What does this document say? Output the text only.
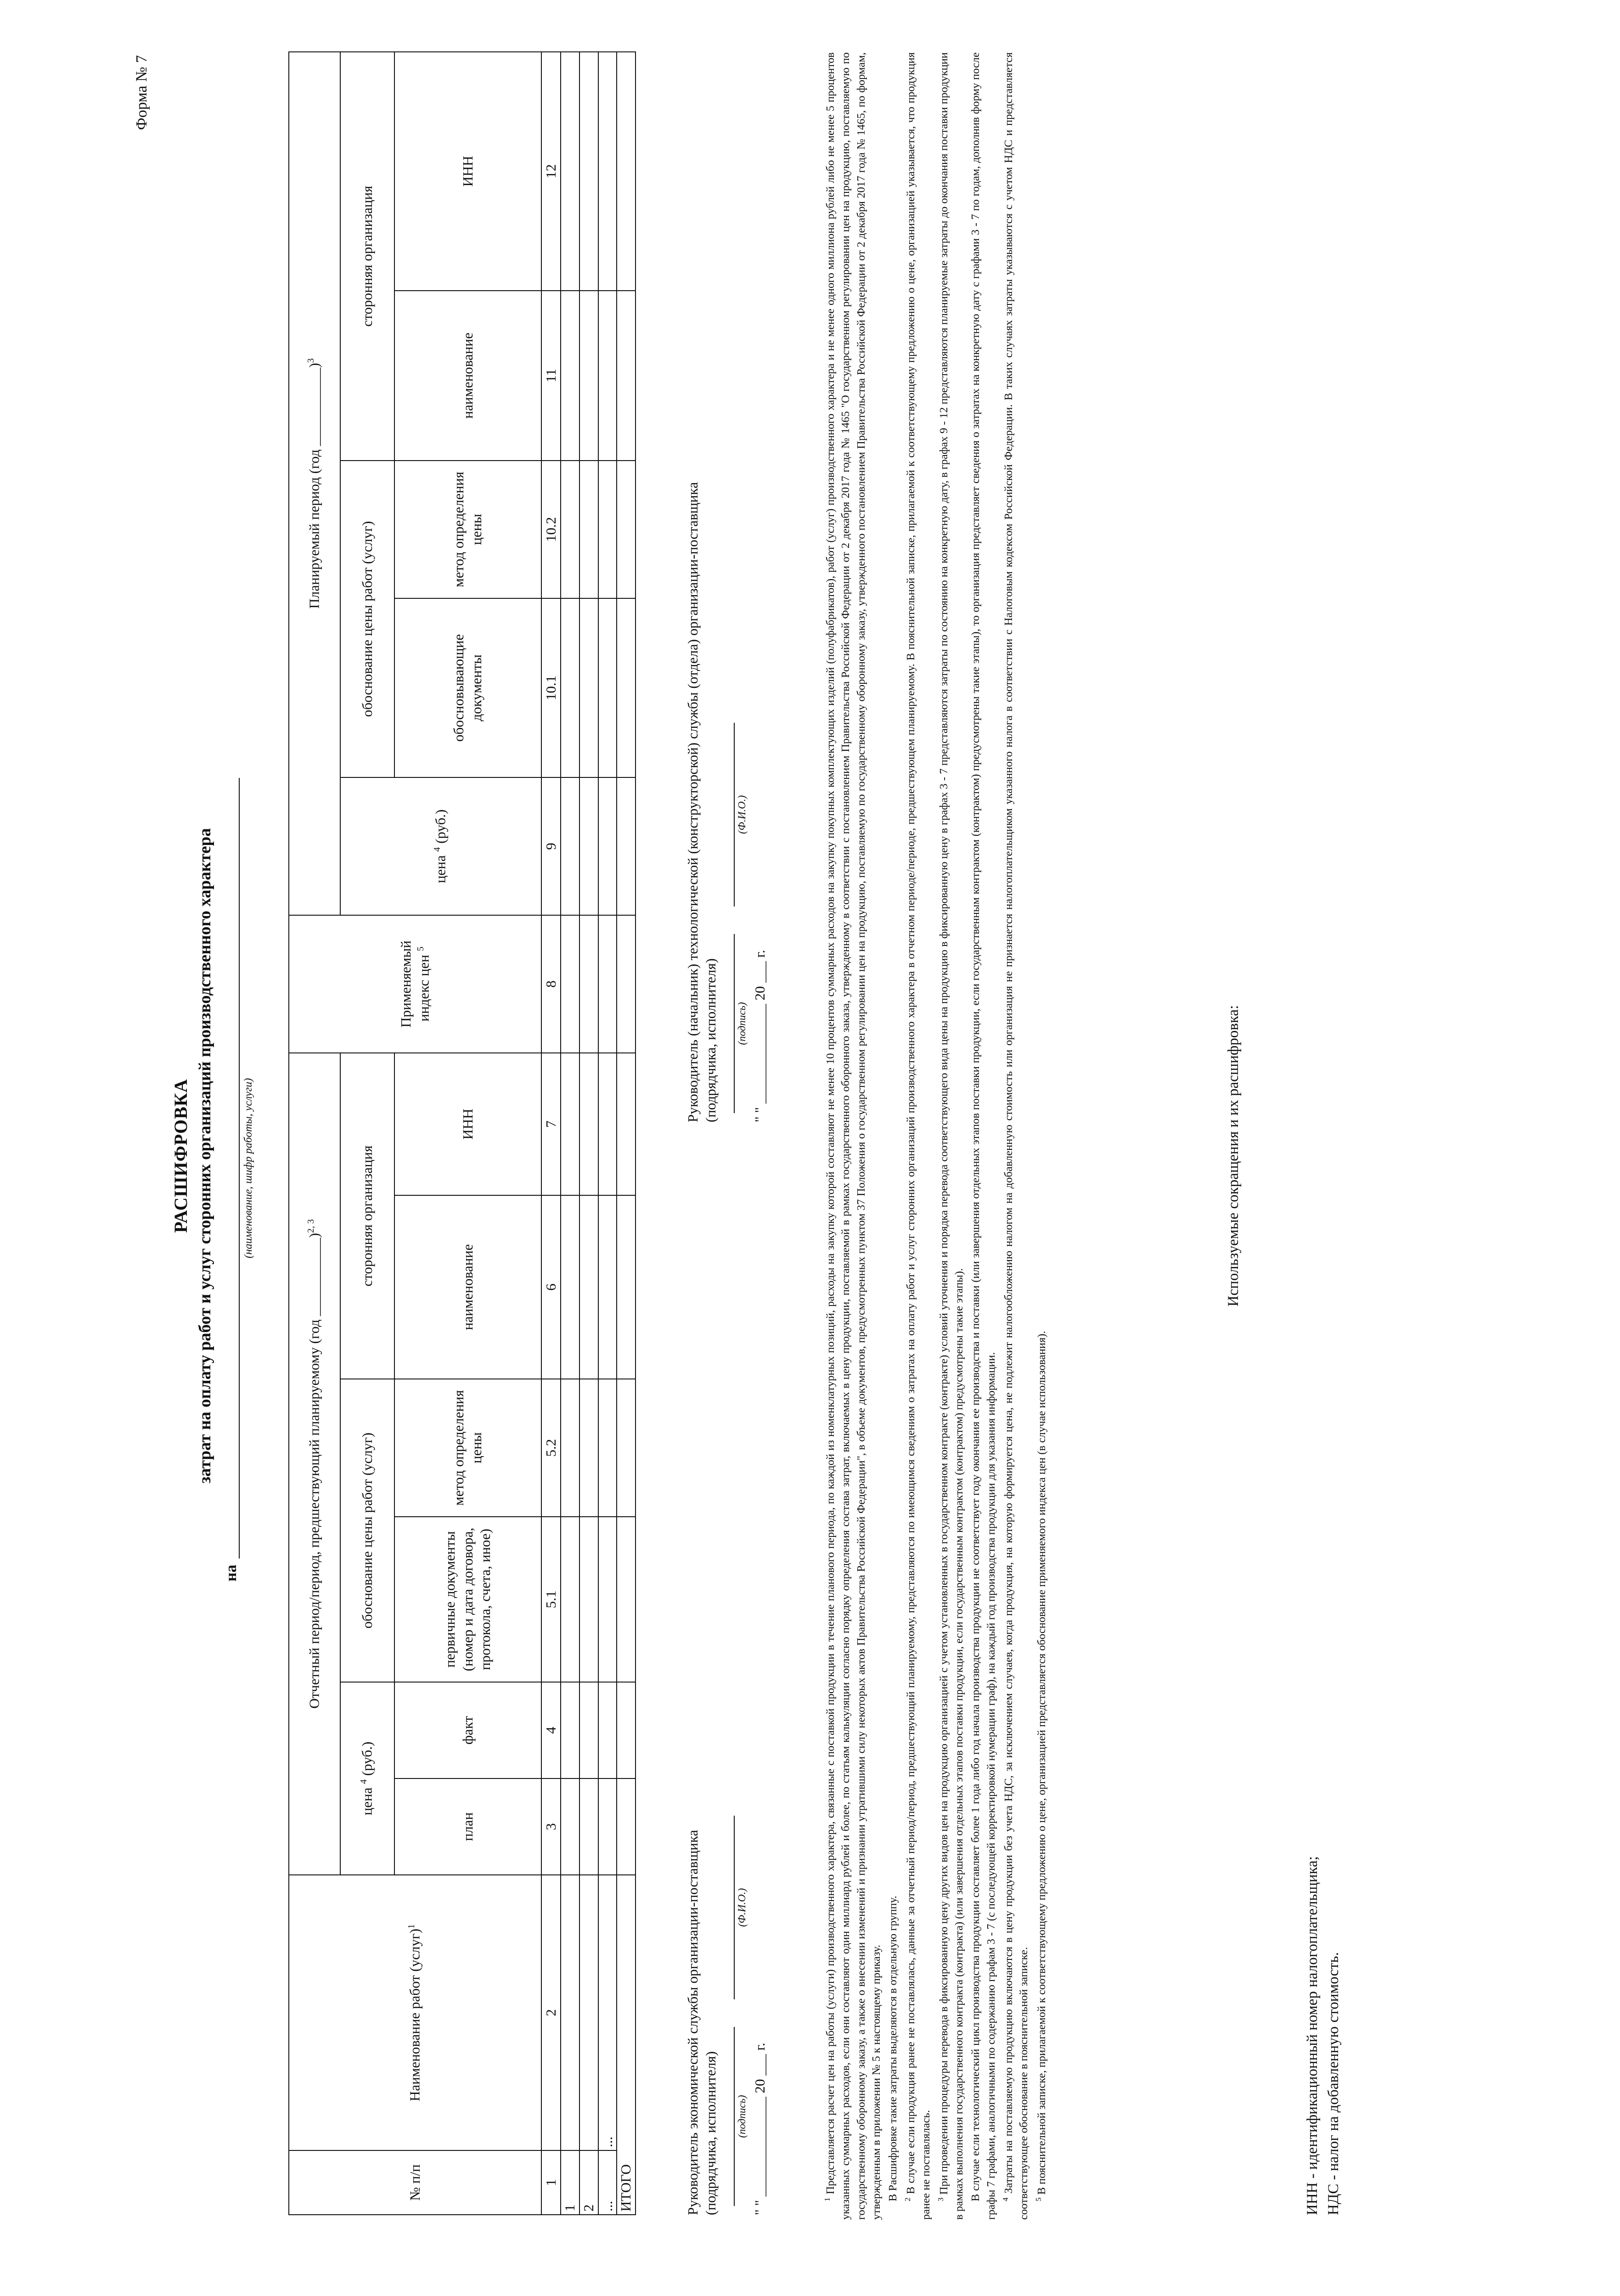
Форма № 7
РАСШИФРОВКА затрат на оплату работ и услуг сторонних организаций производственного характера
на
(наименование, шифр работы, услуги)
№ п/п	Наименование работ (услуг)$^1$	Отчетный период/период, предшествующий планируемому (год ___________)$^{2, 3}$						Применяемый индекс цен $^5$	Планируемый период (год ___________)$^3$
		цена $^4$ (руб.)		обоснование цены работ (услуг)		сторонняя организация			цена $^4$ (руб.)	обоснование цены работ (услуг)		сторонняя организация	
		план	факт	первичные документы (номер и дата договора, протокола, счета, иное)	метод определения цены	наименование	ИНН			обосновывающие документы	метод определения цены	наименование	ИНН
1	2	3	4	5.1	5.2	6	7	8	9	10.1	10.2	11	12
1													
2													
...	...												
ИТОГО														Руководитель экономической службы организации-поставщика (подрядчика, исполнителя) (подпись)
(Ф.И.О.)
" " ______________ 20 ___ г.
Руководитель (начальник) технологической (конструкторской) службы (отдела) организации-поставщика (подрядчика, исполнителя) (подпись)
(Ф.И.О.)
" " ______________ 20 ___ г.

$^1$ Представляется расчет цен на работы (услуги) производственного характера, связанные с поставкой продукции в течение планового периода, по каждой из номенклатурных позиций, расходы на закупку которой составляют не менее 10 процентов суммарных расходов на закупку покупных комплектующих изделий (полуфабрикатов), работ (услуг) производственного характера и не менее одного миллиона рублей либо не менее 5 процентов указанных суммарных расходов, если они составляют один миллиард рублей и более, по статьям калькуляции согласно порядку определения состава затрат, включаемых в цену продукции, поставляемой в рамках государственного оборонного заказа, утвержденному в соответствии с постановлением Правительства Российской Федерации от 2 декабря 2017 года № 1465 "О государственном регулировании цен на продукцию, поставляемую по государственному оборонному заказу, а также о внесении изменений и признании утратившими силу некоторых актов Правительства Российской Федерации", в объеме документов, предусмотренных пунктом 37 Положения о государственном регулировании цен на продукцию, поставляемую по государственному оборонному заказу, утвержденного постановлением Правительства Российской Федерации от 2 декабря 2017 года № 1465, по формам, утвержденным в приложении № 5 к настоящему приказу. В Расшифровке такие затраты выделяются в отдельную группу. $^2$ В случае если продукция ранее не поставлялась, данные за отчетный период/период, предшествующий планируемому, представляются по имеющимся сведениям о затратах на оплату работ и услуг сторонних организаций производственного характера в отчетном периоде/периоде, предшествующем планируемому. В пояснительной записке, прилагаемой к соответствующему предложению о цене, организацией указывается, что продукция ранее не поставлялась. $^3$ При проведении процедуры перевода в фиксированную цену других видов цен на продукцию организацией с учетом установленных в государственном контракте (контракте) условий уточнения и порядка перевода соответствующего вида цены на продукцию в фиксированную цену в графах 3 - 7 представляются затраты по состоянию на конкретную дату, в графах 9 - 12 представляются планируемые затраты до окончания поставки продукции в рамках выполнения государственного контракта (контракта) (или завершения отдельных этапов поставки продукции, если государственным контрактом (контрактом) предусмотрены такие этапы). В случае если технологический цикл производства продукции составляет более 1 года либо год начала производства продукции не соответствует году окончания ее производства и поставки (или завершения отдельных этапов поставки продукции, если государственным контрактом (контрактом) предусмотрены такие этапы), то организация представляет сведения о затратах на конкретную дату с графами 3 - 7 по годам, дополнив форму после графы 7 графами, аналогичными по содержанию графам 3 - 7 (с последующей корректировкой нумерации граф), на каждый год производства продукции для указания информации. $^4$ Затраты на поставляемую продукцию включаются в цену продукции без учета НДС, за исключением случаев, когда продукция, на которую формируется цена, не подлежит налогообложению налогом на добавленную стоимость или организация не признается налогоплательщиком указанного налога в соответствии с Налоговым кодексом Российской Федерации. В таких случаях затраты указываются с учетом НДС и представляется соответствующее обоснование в пояснительной записке. $^5$ В пояснительной записке, прилагаемой к соответствующему предложению о цене, организацией представляется обоснование применяемого индекса цен (в случае использования).

Используемые сокращения и их расшифровка:
ИНН - идентификационный номер налогоплательщика; НДС - налог на добавленную стоимость.
